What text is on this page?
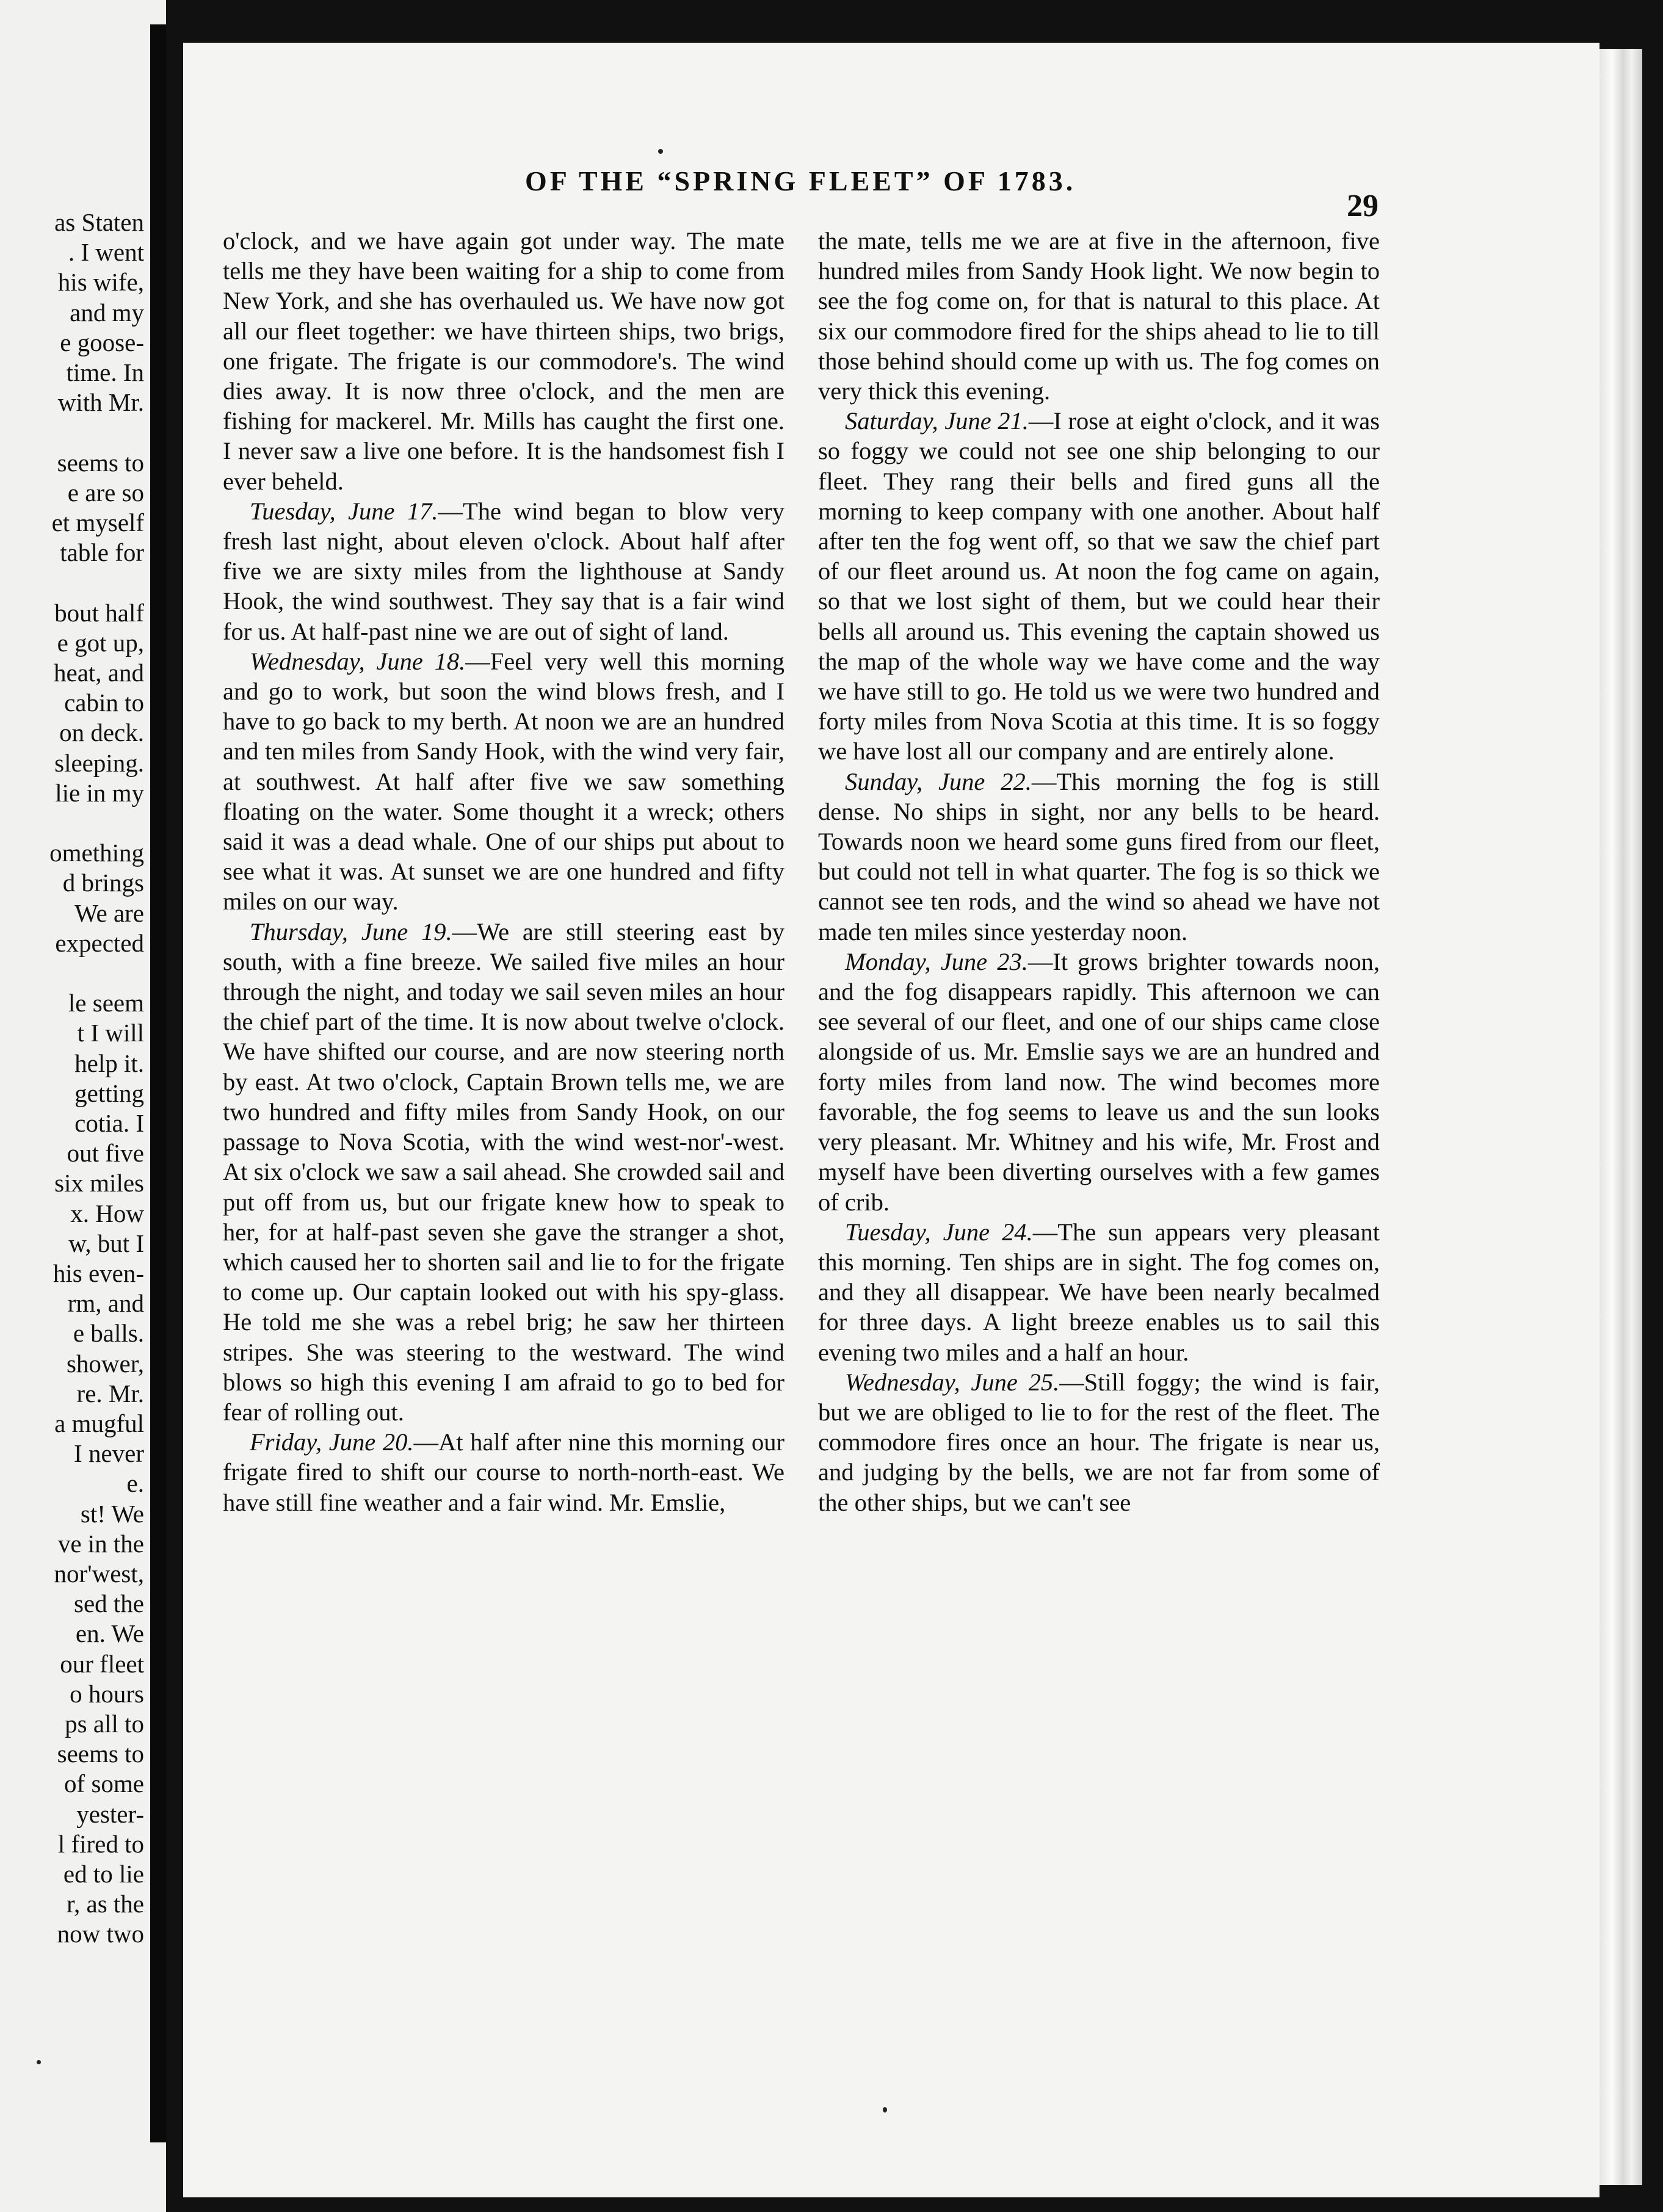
as Staten
. I went
his wife,
and my
e goose-
time. In
with Mr.
seems to
e are so
et myself
table for
bout half
e got up,
heat, and
cabin to
on deck.
sleeping.
lie in my
omething
d brings
We are
expected
le seem
t I will
help it.
getting
cotia. I
out five
six miles
x. How
w, but I
his even-
rm, and
e balls.
shower,
re. Mr.
a mugful
I never
e.
st! We
ve in the
nor'west,
sed the
en. We
our fleet
o hours
ps all to
seems to
of some
yester-
l fired to
ed to lie
r, as the
now two
OF THE “SPRING FLEET” OF 1783.
29

o'clock, and we have again got under way. The mate tells me they have been waiting for a ship to come from New York, and she has overhauled us. We have now got all our fleet together: we have thirteen ships, two brigs, one frigate. The frigate is our commodore's. The wind dies away. It is now three o'clock, and the men are fishing for mackerel. Mr. Mills has caught the first one. I never saw a live one before. It is the handsomest fish I ever beheld.

Tuesday, June 17.—The wind began to blow very fresh last night, about eleven o'clock. About half after five we are sixty miles from the lighthouse at Sandy Hook, the wind southwest. They say that is a fair wind for us. At half-past nine we are out of sight of land.

Wednesday, June 18.—Feel very well this morning and go to work, but soon the wind blows fresh, and I have to go back to my berth. At noon we are an hundred and ten miles from Sandy Hook, with the wind very fair, at southwest. At half after five we saw something floating on the water. Some thought it a wreck; others said it was a dead whale. One of our ships put about to see what it was. At sunset we are one hundred and fifty miles on our way.

Thursday, June 19.—We are still steering east by south, with a fine breeze. We sailed five miles an hour through the night, and today we sail seven miles an hour the chief part of the time. It is now about twelve o'clock. We have shifted our course, and are now steering north by east. At two o'clock, Captain Brown tells me, we are two hundred and fifty miles from Sandy Hook, on our passage to Nova Scotia, with the wind west-nor'-west. At six o'clock we saw a sail ahead. She crowded sail and put off from us, but our frigate knew how to speak to her, for at half-past seven she gave the stranger a shot, which caused her to shorten sail and lie to for the frigate to come up. Our captain looked out with his spy-glass. He told me she was a rebel brig; he saw her thirteen stripes. She was steering to the westward. The wind blows so high this evening I am afraid to go to bed for fear of rolling out.

Friday, June 20.—At half after nine this morning our frigate fired to shift our course to north-north-east. We have still fine weather and a fair wind. Mr. Emslie,

the mate, tells me we are at five in the afternoon, five hundred miles from Sandy Hook light. We now begin to see the fog come on, for that is natural to this place. At six our commodore fired for the ships ahead to lie to till those behind should come up with us. The fog comes on very thick this evening.

Saturday, June 21.—I rose at eight o'clock, and it was so foggy we could not see one ship belonging to our fleet. They rang their bells and fired guns all the morning to keep company with one another. About half after ten the fog went off, so that we saw the chief part of our fleet around us. At noon the fog came on again, so that we lost sight of them, but we could hear their bells all around us. This evening the captain showed us the map of the whole way we have come and the way we have still to go. He told us we were two hundred and forty miles from Nova Scotia at this time. It is so foggy we have lost all our company and are entirely alone.

Sunday, June 22.—This morning the fog is still dense. No ships in sight, nor any bells to be heard. Towards noon we heard some guns fired from our fleet, but could not tell in what quarter. The fog is so thick we cannot see ten rods, and the wind so ahead we have not made ten miles since yesterday noon.

Monday, June 23.—It grows brighter towards noon, and the fog disappears rapidly. This afternoon we can see several of our fleet, and one of our ships came close alongside of us. Mr. Emslie says we are an hundred and forty miles from land now. The wind becomes more favorable, the fog seems to leave us and the sun looks very pleasant. Mr. Whitney and his wife, Mr. Frost and myself have been diverting ourselves with a few games of crib.

Tuesday, June 24.—The sun appears very pleasant this morning. Ten ships are in sight. The fog comes on, and they all disappear. We have been nearly becalmed for three days. A light breeze enables us to sail this evening two miles and a half an hour.

Wednesday, June 25.—Still foggy; the wind is fair, but we are obliged to lie to for the rest of the fleet. The commodore fires once an hour. The frigate is near us, and judging by the bells, we are not far from some of the other ships, but we can't see
